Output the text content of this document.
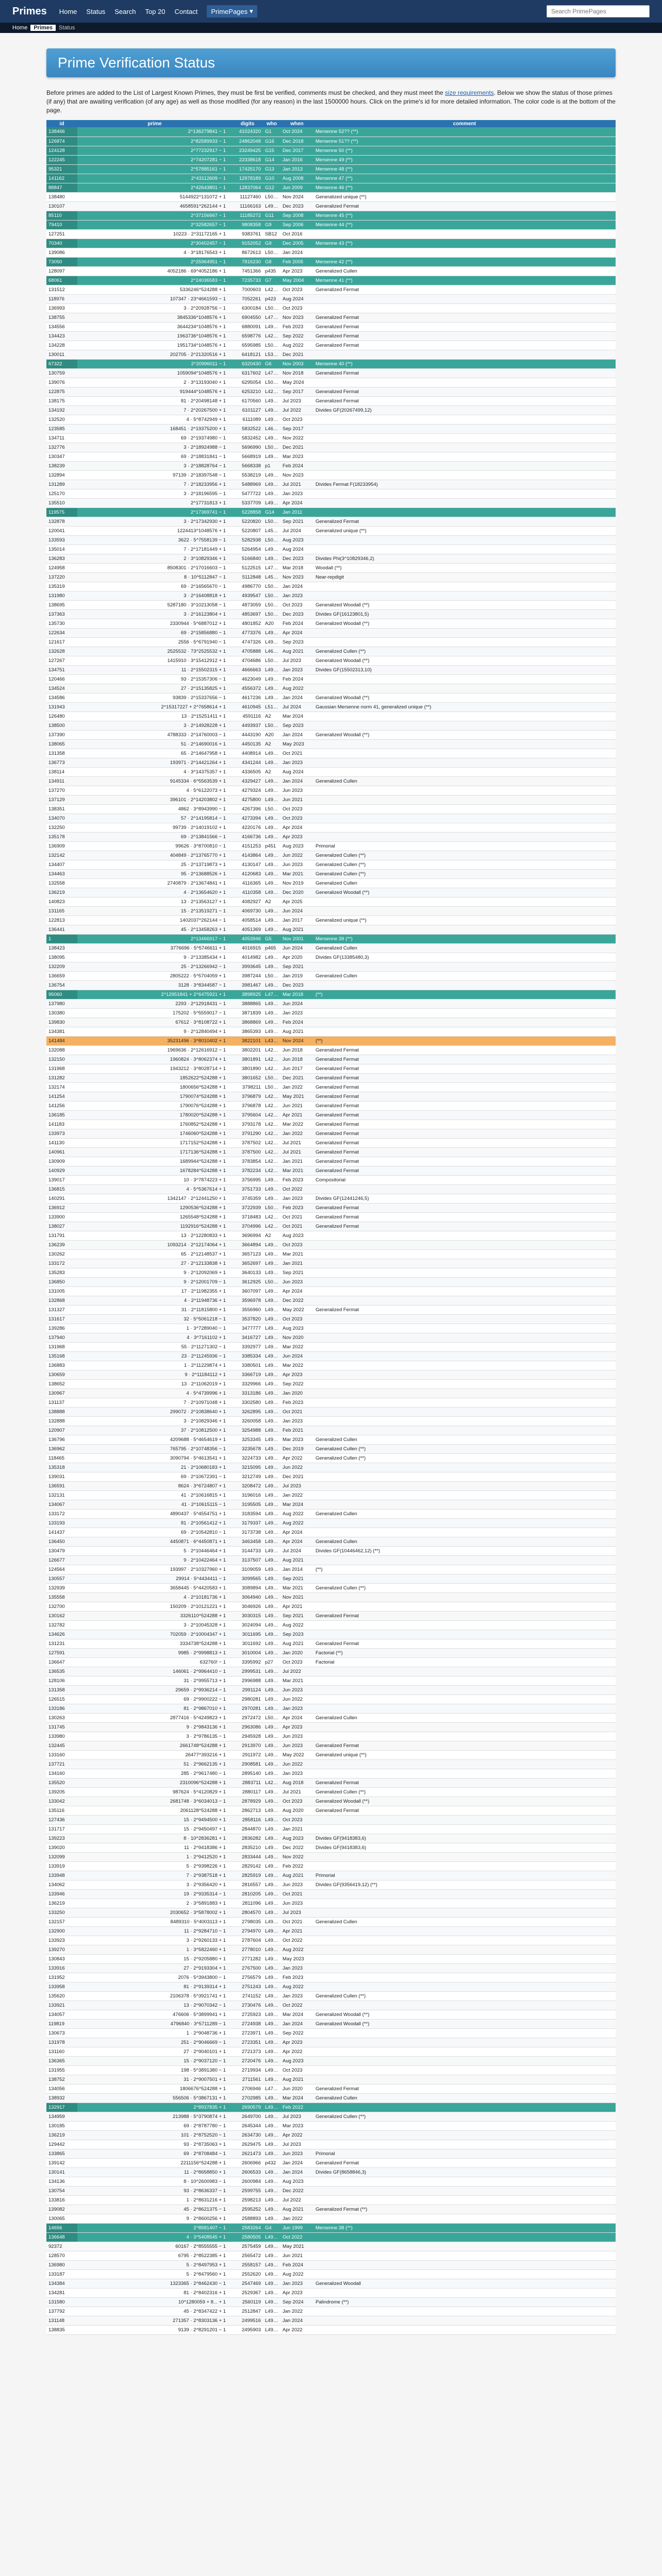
Primes Home Status Search Top 20 Contact PrimePages ▾
Search PrimePages
Home	Primes	Status
Prime Verification Status

Before primes are added to the List of Largest Known Primes, they must be first be verified, comments must be checked, and they must meet the size requirements. Below we show the status of those primes (if any) that are awaiting verification (of any age) as well as those modified (for any reason) in the last 1500000 hours. Click on the prime's id for more detailed information. The color code is at the bottom of the page.

id	prime	digits	who	when	comment
138466	2^136279841 − 1	41024320	G1	Oct 2024	Mersenne 52?? (**)
126874	2^82589933 − 1	24862048	G16	Dec 2018	Mersenne 51?? (**)
124128	2^77232917 − 1	23249425	G15	Dec 2017	Mersenne 50 (**)
122245	2^74207281 − 1	22338618	G14	Jan 2016	Mersenne 49 (**)
95321	2^57885161 − 1	17425170	G13	Jan 2013	Mersenne 48 (**)
141162	2^43112609 − 1	12978189	G10	Aug 2008	Mersenne 47 (**)
88847	2^42643801 − 1	12837064	G12	Jun 2009	Mersenne 46 (**)
138480	5144922^131072 + 1	11127460	L5051	Nov 2024	Generalized unique (**)
130107	4658591^262144 + 1	11166163	L4960	Dec 2023	Generalized Fermat
85110	2^37156667 − 1	11185272	G11	Sep 2008	Mersenne 45 (**)
79410	2^32582657 − 1	9808358	G9	Sep 2006	Mersenne 44 (**)
127251	10223 · 2^31172165 + 1	9383761	SB12	Oct 2016	
70340	2^30402457 − 1	9152052	G9	Dec 2005	Mersenne 43 (**)
139086	4 · 3^18176543 + 1	8672613	L5051	Jan 2024	
73050	2^25964951 − 1	7816230	G8	Feb 2005	Mersenne 42 (**)
128097	4052186 · 69^4052186 + 1	7451366	p435	Apr 2023	Generalized Cullen
68061	2^24036583 − 1	7235733	G7	May 2004	Mersenne 41 (**)
131512	5336246^524288 + 1	7000603	L4245	Oct 2023	Generalized Fermat
118976	107347 · 23^4661593 − 1	7052261	p423	Aug 2024	
136993	3 · 2^20928756 − 1	6300184	L5002	Oct 2023	
138755	3845336^1048576 + 1	6904550	L4728	Nov 2023	Generalized Fermat
134556	3644234^1048576 + 1	6880091	L4928	Feb 2023	Generalized Fermat
134423	1963736^1048576 + 1	6598776	L4245	Sep 2022	Generalized Fermat
134228	1951734^1048576 + 1	6595985	L5000	Aug 2022	Generalized Fermat
130011	202705 · 2^21320516 + 1	6418121	L5389	Dec 2021	
67322	2^20996011 − 1	6320430	G6	Nov 2003	Mersenne 40 (**)
130759	1059094^1048576 + 1	6317602	L4720	Nov 2018	Generalized Fermat
139076	2 · 3^13193040 + 1	6295054	L5006	May 2024	
122875	919444^1048576 + 1	6253210	L4286	Sep 2017	Generalized Fermat
138175	81 · 2^20498148 + 1	6170560	L4965	Jul 2023	Generalized Fermat
134192	7 · 2^20267500 + 1	6101127	L4965	Jul 2022	Divides GF(20267499,12)
132520	4 · 5^8742949 + 1	6111089	L4965	Oct 2023	
123585	168451 · 2^19375200 + 1	5832522	L4676	Sep 2017	
134711	69 · 2^19374980 − 1	5832452	L4965	Nov 2022	
132776	3 · 2^18924988 − 1	5696990	L5008	Dec 2021	
130347	69 · 2^18831841 − 1	5668919	L4965	Mar 2023	
138239	3 · 2^18828764 − 1	5668338	p1	Feb 2024	
132894	97139 · 2^18397548 − 1	5538219	L4965	Nov 2023	
131289	7 · 2^18233956 + 1	5488969	L4965	Jul 2021	Divides Fermat F(18233954)
125170	3 · 2^18196595 − 1	5477722	L4965	Jan 2023	
135510	2^17731813 + 1	5337709	L4965	Apr 2024	
119575	2^17369741 − 1	5228858	G14	Jan 2011	
132878	3 · 2^17342930 + 1	5220820	L5058	Sep 2021	Generalized Fermat
120041	1224413^1048576 + 1	5220807	L4578	Jul 2024	Generalized unique (**)
133593	3622 · 5^7558139 − 1	5282938	L5053	Aug 2023	
135014	7 · 2^17181449 + 1	5264954	L4965	Aug 2024	
136283	2 · 3^10829346 + 1	5166840	L4965	Dec 2023	Divides Phi(3^10829346,2)
124958	8508301 · 2^17016603 − 1	5122515	L4784	Mar 2018	Woodall (**)
137220	8 · 10^5112847 − 1	5112848	L4516	Nov 2023	Near-repdigit
135319	69 · 2^16565670 − 1	4986770	L5008	Jan 2024	
131980	3 · 2^16408818 + 1	4939547	L5008	Jan 2023	
138695	5287180 · 3^10213058 − 1	4873059	L5037	Oct 2023	Generalized Woodall (**)
137363	3 · 2^16123804 + 1	4853697	L5071	Dec 2023	Divides GF(16123801,5)
135730	2330944 · 5^6887012 + 1	4801852	A20	Feb 2024	Generalized Woodall (**)
122634	69 · 2^15856880 − 1	4773376	L4965	Apr 2024	
121617	2556 · 5^6791940 − 1	4747326	L4965	Sep 2023	
132628	2525532 · 73^2525532 + 1	4705888	L4635	Aug 2021	Generalized Cullen (**)
127267	1415910 · 3^15412912 + 1	4704686	L5051	Jul 2023	Generalized Woodall (**)
134751	11 · 2^15502315 + 1	4666663	L4965	Jan 2023	Divides GF(15502313,10)
120466	93 · 2^15357306 − 1	4623049	L4965	Feb 2024	
134524	27 · 2^15135825 + 1	4556372	L4965	Aug 2022	
134586	93839 · 2^15337656 − 1	4617236	L4965	Jan 2024	Generalized Woodall (**)
131943	2^15317227 + 2^7658614 + 1	4610945	L5128	Jul 2024	Gaussian Mersenne norm 41, generalized unique (**)
126480	13 · 2^15251411 + 1	4591116	A2	Mar 2024	
138500	3 · 2^14928228 + 1	4493937	L5008	Sep 2023	
137390	4788333 · 2^14760003 − 1	4443190	A20	Jan 2024	Generalized Woodall (**)
138065	51 · 2^14690016 + 1	4450135	A2	May 2023	
131358	65 · 2^14647958 + 1	4408914	L4965	Oct 2021	
136773	193971 · 2^14421264 + 1	4341244	L4965	Jan 2023	
138114	4 · 3^14375357 + 1	4336505	A2	Aug 2024	
134911	9145334 · 6^5563539 + 1	4329427	L4965	Jan 2024	Generalized Cullen
137270	4 · 5^6122073 + 1	4279324	L4965	Jun 2023	
137129	396101 · 2^14203802 + 1	4275800	L4965	Jun 2021	
138351	4862 · 3^8943990 − 1	4267396	L5070	Oct 2023	
134070	57 · 2^14195814 − 1	4273394	L4965	Oct 2023	
132250	99739 · 2^14019102 + 1	4220176	L4965	Apr 2024	
135178	69 · 2^13841566 − 1	4166736	L4965	Apr 2023	
136909	99626 · 3^8700810 − 1	4151253	p451	Aug 2023	Primorial
132142	404849 · 2^13765770 + 1	4143864	L4965	Jun 2022	Generalized Cullen (**)
134407	25 · 2^13719873 + 1	4130147	L4965	Jun 2023	Generalized Cullen (**)
134463	95 · 2^13688526 + 1	4120683	L4965	Mar 2021	Generalized Cullen (**)
132558	2740879 · 2^13674841 + 1	4116365	L4976	Nov 2019	Generalized Cullen
136219	4 · 2^13654620 + 1	4110358	L4965	Dec 2020	Generalized Woodall (**)
140823	13 · 2^13563127 + 1	4082927	A2	Apr 2025	
131165	15 · 2^13519271 − 1	4069730	L4965	Jun 2024	
122813	1402037^262144 − 1	4058514	L4965	Jan 2017	Generalized unique (**)
136441	45 · 2^13458263 + 1	4051369	L4965	Aug 2021	
1	2^13466917 − 1	4053946	G5	Nov 2001	Mersenne 39 (**)
138423	3776696 · 5^5746611 + 1	4016915	p465	Jun 2024	Generalized Cullen
138095	9 · 2^13385434 + 1	4014982	L4965	Apr 2020	Divides GF(13385480,3)
132209	25 · 2^13266942 − 1	3993645	L4965	Sep 2021	
136659	2805222 · 5^5704059 + 1	3987244	L5025	Jan 2019	Generalized Cullen
136754	3128 · 3^8344587 − 1	3981467	L4965	Dec 2023	
95060	2^12951841 + 2^6475921 + 1	3898925	L4743	Mar 2018	(**)
137980	2293 · 2^12918431 − 1	3888865	L4965	Jun 2024	
130380	175202 · 5^5559017 − 1	3871839	L4965	Jan 2023	
139830	67612 · 3^8108722 + 1	3868869	L4965	Feb 2024	
134381	9 · 2^12840494 + 1	3865393	L4965	Aug 2021	
141484	35231496 · 3^8010402 + 1	3822101	L4337	Nov 2024	(**)
132088	1969636 · 2^12616912 − 1	3802201	L4299	Jun 2018	Generalized Fermat
132150	1960824 · 3^8062374 + 1	3801891	L4264	Jun 2018	Generalized Fermat
131968	1943212 · 3^8028714 + 1	3801890	L4249	Jun 2017	Generalized Fermat
131282	1852622^524288 + 1	3801652	L5074	Dec 2021	Generalized Fermat
132174	1800656^524288 + 1	3798211	L5060	Jan 2022	Generalized Fermat
141254	1790074^524288 + 1	3796879	L4245	May 2021	Generalized Fermat
141256	1790076^524288 + 1	3796878	L4245	Jun 2021	Generalized Fermat
136185	1780020^524288 + 1	3795604	L4249	Apr 2021	Generalized Fermat
141183	1760852^524288 + 1	3793178	L4245	Mar 2022	Generalized Fermat
133973	1746060^524288 + 1	3791290	L4245	Jan 2022	Generalized Fermat
141130	1717152^524288 + 1	3787502	L4245	Jul 2021	Generalized Fermat
140961	1717136^524288 + 1	3787500	L4245	Jul 2021	Generalized Fermat
130909	1689944^524288 + 1	3783854	L4249	Jan 2021	Generalized Fermat
140929	1678284^524288 + 1	3782234	L4245	Mar 2021	Generalized Fermat
139017	10 · 3^7874223 + 1	3756995	L4965	Feb 2023	Compositorial
136815	4 · 5^5367614 + 1	3751733	L4965	Oct 2022	
140291	1342147 · 2^12441250 + 1	3745359	L4965	Jan 2023	Divides GF(12441246,5)
136912	1290536^524288 + 1	3722939	L5058	Feb 2023	Generalized Fermat
133900	1265548^524288 + 1	3718483	L4245	Oct 2021	Generalized Fermat
138027	1192916^524288 + 1	3704996	L4245	Oct 2021	Generalized Fermat
131791	13 · 2^12280833 + 1	3696994	A2	Aug 2023	
136239	1093214 · 2^12174064 + 1	3664894	L4965	Oct 2023	
130262	65 · 2^12148537 + 1	3657123	L4965	Mar 2021	
133172	27 · 2^12133838 + 1	3652697	L4965	Jan 2021	
135283	9 · 2^12092069 + 1	3640133	L4965	Sep 2021	
136850	9 · 2^12001709 − 1	3612925	L5071	Jun 2023	
131005	17 · 2^11982355 + 1	3607097	L4965	Apr 2024	
132868	4 · 2^11948736 + 1	3596978	L4965	Dec 2022	
131327	31 · 2^11815800 + 1	3556960	L4965	May 2022	Generalized Fermat
131617	32 · 5^5061218 − 1	3537820	L4965	Oct 2023	
139286	1 · 3^7289040 − 1	3477777	L4965	Aug 2023	
137940	4 · 3^7161102 + 1	3416727	L4965	Nov 2020	
131968	55 · 2^11271302 − 1	3392977	L4965	Mar 2022	
135168	23 · 2^11245936 − 1	3385334	L4965	Jun 2024	
136883	1 · 2^11229874 + 1	3380501	L4965	Mar 2022	
130659	9 · 2^11184112 + 1	3366719	L4965	Apr 2023	
138652	13 · 2^11062019 + 1	3329966	L4965	Sep 2022	
130967	4 · 5^4739996 + 1	3313186	L4965	Jan 2020	
131137	7 · 2^10971048 + 1	3302580	L4965	Feb 2023	
138888	299072 · 2^10838640 + 1	3262895	L4965	Oct 2021	
132888	3 · 2^10829346 + 1	3260058	L4965	Jan 2023	
120907	37 · 2^10812500 + 1	3254988	L4965	Feb 2021	
136796	4209688 · 5^4654619 + 1	3253345	L4965	Mar 2023	Generalized Cullen
136962	765795 · 2^10748356 − 1	3235678	L4965	Dec 2019	Generalized Cullen (**)
118465	3090794 · 5^4613541 + 1	3224733	L4965	Apr 2022	Generalized Cullen (**)
135318	21 · 2^10680183 + 1	3215095	L4965	Jun 2022	
139031	69 · 2^10672391 − 1	3212749	L4965	Dec 2021	
136591	8624 · 3^6724807 + 1	3208472	L4965	Jul 2023	
132131	41 · 2^10616815 + 1	3196016	L4965	Jan 2022	
134067	41 · 2^10615115 − 1	3195505	L4965	Mar 2024	
133172	4890437 · 5^4554751 + 1	3183594	L4965	Aug 2022	Generalized Cullen
133193	81 · 2^10561412 + 1	3179337	L4965	Aug 2022	
141437	69 · 2^10542810 − 1	3173738	L4965	Apr 2024	
136450	4450871 · 6^4450871 + 1	3463458	L4965	Apr 2024	Generalized Cullen
130479	5 · 2^10446464 + 1	3144733	L4965	Jul 2024	Divides GF(10446462,12) (**)
126677	9 · 2^10422464 + 1	3137507	L4965	Aug 2021	
124564	193997 · 2^10327960 + 1	3109059	L4938	Jan 2014	(**)
130557	29914 · 5^4434411 − 1	3099565	L4965	Sep 2021	
132939	3658445 · 5^4420583 + 1	3089894	L4965	Mar 2021	Generalized Cullen (**)
135558	4 · 2^10181736 + 1	3064940	L4965	Nov 2021	
132700	150209 · 2^10121221 + 1	3046926	L4965	Apr 2021	
130162	3326110^524288 + 1	3030315	L4965	Sep 2021	Generalized Fermat
132782	3 · 2^10045328 + 1	3024094	L4965	Aug 2022	
134626	702059 · 2^10004347 + 1	3011695	L4965	Sep 2023	
131231	3334738^524288 + 1	3011692	L4965	Aug 2021	Generalized Fermat
127591	9985 · 2^9998813 + 1	3010004	L4965	Jan 2020	Factorial (**)
136647	632760! − 1	3395992	p27	Oct 2023	Factorial
136535	146061 · 2^9964410 − 1	2999531	L4965	Jul 2022	
128106	31 · 2^9955713 + 1	2996988	L4965	Mar 2021	
131358	29659 · 2^9936214 − 1	2991124	L4965	Jun 2023	
126515	69 · 2^9900222 − 1	2980281	L4965	Jun 2022	
133186	81 · 2^9867010 + 1	2970281	L4965	Jan 2023	
130263	2877416 · 5^4249823 + 1	2972472	L5080	Apr 2024	Generalized Cullen
131745	9 · 2^9843136 + 1	2963086	L4965	Apr 2023	
133980	3 · 2^9786135 − 1	2945928	L4965	Jun 2023	
132445	2661748^524288 + 1	2913970	L4965	Jun 2023	Generalized Fermat
133160	26477^393216 + 1	2911972	L4965	May 2022	Generalized unique (**)
137721	51 · 2^9662135 + 1	2908581	L4965	Jun 2022	
134160	285 · 2^9617480 − 1	2895140	L4965	Jan 2023	
135520	2310096^524288 + 1	2883711	L4245	Aug 2018	Generalized Fermat
139205	987624 · 5^4120829 + 1	2880117	L4965	Jul 2021	Generalized Cullen (**)
133042	2681748 · 3^6034013 − 1	2878929	L4965	Oct 2023	Generalized Woodall (**)
135116	2061128^524288 + 1	2862713	L4965	Aug 2020	Generalized Fermat
127436	15 · 2^9494500 + 1	2858116	L4965	Oct 2023	
131717	15 · 2^9450497 + 1	2844870	L4965	Jan 2021	
139223	8 · 10^2836281 + 1	2836282	L4965	Aug 2023	Divides GF(9418383,6)
139020	11 · 2^9418386 + 1	2835210	L4965	Dec 2022	Divides GF(9418383,6)
132099	1 · 2^9412520 + 1	2833444	L4965	Nov 2022	
133919	5 · 2^9398226 + 1	2829142	L4965	Feb 2022	
133948	7 · 2^9387518 + 1	2825919	L4965	Aug 2021	Primorial
134062	3 · 2^9356420 + 1	2816557	L4965	Jun 2023	Divides GF(9356419,12) (**)
133946	19 · 2^9335314 − 1	2810205	L4965	Oct 2021	
136219	2 · 3^5891883 + 1	2811096	L4965	Jun 2023	
133250	2030652 · 3^5878002 + 1	2804570	L4965	Jul 2023	
132157	8489310 · 5^4003113 + 1	2798035	L4965	Oct 2021	Generalized Cullen
132900	11 · 2^9284710 − 1	2794970	L4965	Apr 2021	
133923	3 · 2^9260133 + 1	2787604	L4965	Oct 2022	
139270	1 · 3^5822460 + 1	2778010	L4965	Aug 2022	
130843	15 · 2^9205880 + 1	2771282	L4965	May 2023	
133916	27 · 2^9193304 + 1	2767500	L4965	Jan 2023	
131952	2076 · 5^3943800 − 1	2756579	L4965	Feb 2023	
133958	81 · 2^9139314 + 1	2751243	L4965	Aug 2022	
135620	2106378 · 5^3921741 + 1	2741152	L4965	Jan 2023	Generalized Cullen (**)
133921	13 · 2^9070342 − 1	2730476	L4965	Oct 2022	
134057	476606 · 5^3899941 + 1	2725923	L4965	Mar 2024	Generalized Woodall (**)
119819	4796840 · 3^5711289 − 1	2724938	L4965	Jan 2024	Generalized Woodall (**)
130673	1 · 2^9048736 + 1	2723971	L4965	Sep 2022	
131978	251 · 2^9046669 − 1	2723351	L4965	Apr 2023	
131160	27 · 2^9040101 + 1	2721373	L4965	Apr 2022	
136365	15 · 2^9037120 − 1	2720476	L4965	Aug 2023	
131955	198 · 5^3891380 − 1	2719934	L4965	Oct 2023	
138752	31 · 2^9007501 + 1	2711561	L4965	Aug 2021	
134056	1806676^524288 + 1	2706946	L4720	Jun 2020	Generalized Fermat
138932	556506 · 5^3867131 + 1	2702985	L4965	Mar 2024	Generalized Cullen
132917	2^8937835 + 1	2690579	L4965	Feb 2022	
134959	213988 · 5^3790874 + 1	2649700	L4965	Jul 2023	Generalized Cullen (**)
130185	69 · 2^8787780 − 1	2645344	L4965	Mar 2023	
136219	101 · 2^8752520 − 1	2634730	L4965	Apr 2022	
129442	93 · 2^8735063 + 1	2629475	L4965	Jul 2023	
133865	69 · 2^8708484 − 1	2621473	L4965	Jun 2023	Primorial
139142	2211156^524288 + 1	2606966	p432	Jan 2024	Generalized Fermat
130141	11 · 2^8658850 + 1	2606533	L4965	Jan 2024	Divides GF(8658846,3)
134136	8 · 10^2600983 − 1	2600984	L4965	Aug 2023	
130754	93 · 2^8636337 − 1	2599755	L4965	Dec 2022	
133816	1 · 2^8631216 + 1	2598213	L4965	Jul 2022	
139082	45 · 2^8621375 − 1	2595252	L4965	Aug 2021	Generalized Fermat (**)
130065	9 · 2^8600256 + 1	2588893	L4965	Jan 2022	
14656	2^8581407 − 1	2583264	G4	Jun 1999	Mersenne 38 (**)
136648	4 · 3^5408545 + 1	2580505	L4965	Oct 2022	
92372	60167 · 2^8555555 − 1	2575459	L4965	May 2021	
128570	6795 · 2^8522385 + 1	2565472	L4965	Jun 2021	
136980	5 · 2^8497953 + 1	2558157	L4965	Feb 2024	
133187	5 · 2^8479560 + 1	2552620	L4965	Aug 2022	
134384	1323365 · 2^8462430 − 1	2547469	L4965	Jan 2023	Generalized Woodall
134281	81 · 2^8402316 + 1	2529367	L4965	Apr 2023	
131580	10^1280059 + 8... + 1	2560119	L4965	Sep 2024	Palindrome (**)
137792	45 · 2^8347422 + 1	2512847	L4965	Jan 2022	
131148	271357 · 2^8303136 + 1	2499516	L4965	Jan 2024	
138835	9139 · 2^8291201 − 1	2495903	L4965	Apr 2022	
